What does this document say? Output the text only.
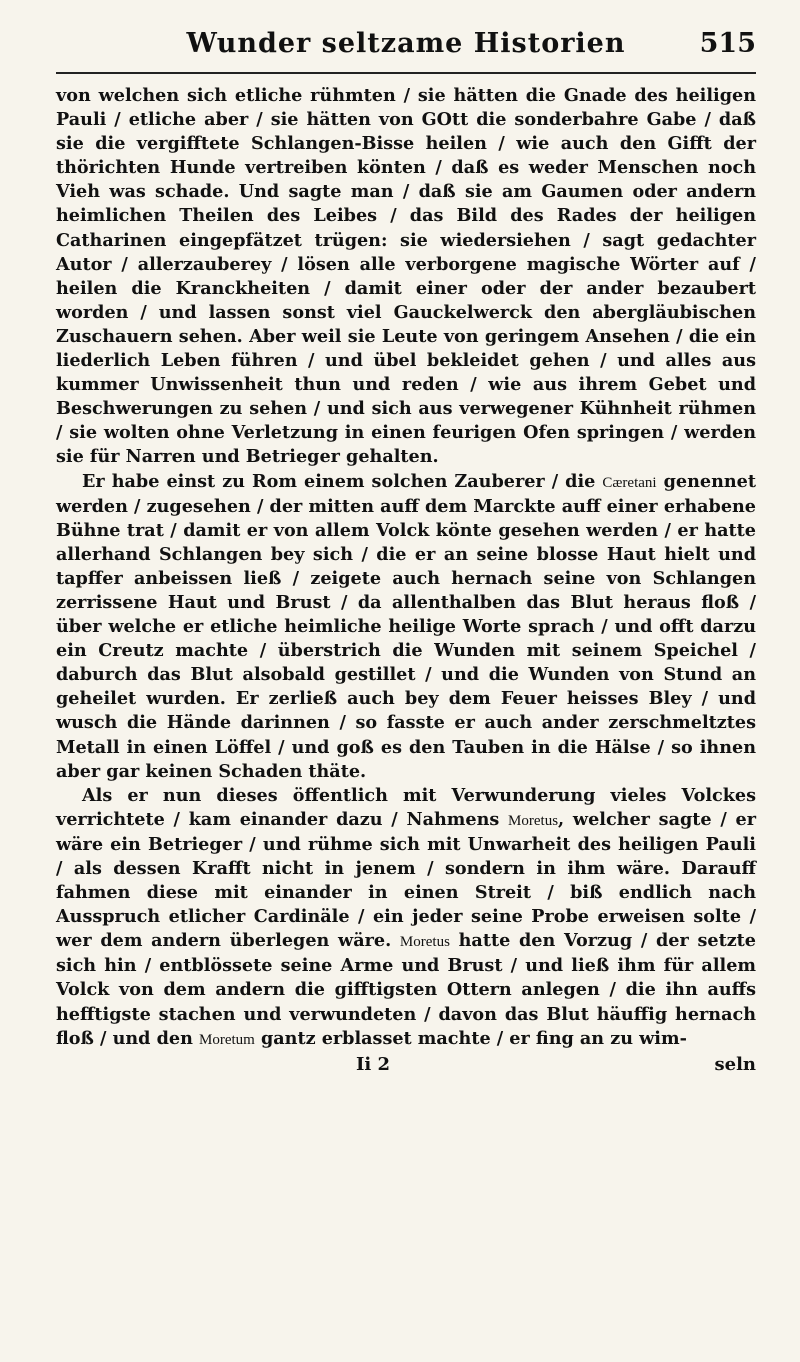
Wunder seltzame Historien	515

von welchen sich etliche rühmten / sie hätten die Gnade des heiligen Pauli / etliche aber / sie hätten von GOtt die sonderbahre Gabe / daß sie die vergifftete Schlangen-Bisse heilen / wie auch den Gifft der thörichten Hunde vertreiben könten / daß es weder Menschen noch Vieh was schade. Und sagte man / daß sie am Gaumen oder andern heimlichen Theilen des Leibes / das Bild des Rades der heiligen Catharinen eingepfätzet trügen: sie wiedersiehen / sagt gedachter Autor / allerzauberey / lösen alle verborgene magische Wörter auf / heilen die Kranckheiten / damit einer oder der ander bezaubert worden / und lassen sonst viel Gauckelwerck den abergläubischen Zuschauern sehen. Aber weil sie Leute von geringem Ansehen / die ein liederlich Leben führen / und übel bekleidet gehen / und alles aus kummer Unwissenheit thun und reden / wie aus ihrem Gebet und Beschwerungen zu sehen / und sich aus verwegener Kühnheit rühmen / sie wolten ohne Verletzung in einen feurigen Ofen springen / werden sie für Narren und Betrieger gehalten.

Er habe einst zu Rom einem solchen Zauberer / die Cæretani genennet werden / zugesehen / der mitten auff dem Marckte auff einer erhabene Bühne trat / damit er von allem Volck könte gesehen werden / er hatte allerhand Schlangen bey sich / die er an seine blosse Haut hielt und tapffer anbeissen ließ / zeigete auch hernach seine von Schlangen zerrissene Haut und Brust / da allenthalben das Blut heraus floß / über welche er etliche heimliche heilige Worte sprach / und offt darzu ein Creutz machte / überstrich die Wunden mit seinem Speichel / daburch das Blut alsobald gestillet / und die Wunden von Stund an geheilet wurden. Er zerließ auch bey dem Feuer heisses Bley / und wusch die Hände darinnen / so fasste er auch ander zerschmeltztes Metall in einen Löffel / und goß es den Tauben in die Hälse / so ihnen aber gar keinen Schaden thäte.

Als er nun dieses öffentlich mit Verwunderung vieles Volckes verrichtete / kam einander dazu / Nahmens Moretus, welcher sagte / er wäre ein Betrieger / und rühme sich mit Unwarheit des heiligen Pauli / als dessen Krafft nicht in jenem / sondern in ihm wäre. Darauff fahmen diese mit einander in einen Streit / biß endlich nach Ausspruch etlicher Cardinäle / ein jeder seine Probe erweisen solte / wer dem andern überlegen wäre. Moretus hatte den Vorzug / der setzte sich hin / entblössete seine Arme und Brust / und ließ ihm für allem Volck von dem andern die gifftigsten Ottern anlegen / die ihn auffs hefftigste stachen und verwundeten / davon das Blut häuffig hernach floß / und den Moretum gantz erblasset machte / er fing an zu wim-

Ii 2	seln
